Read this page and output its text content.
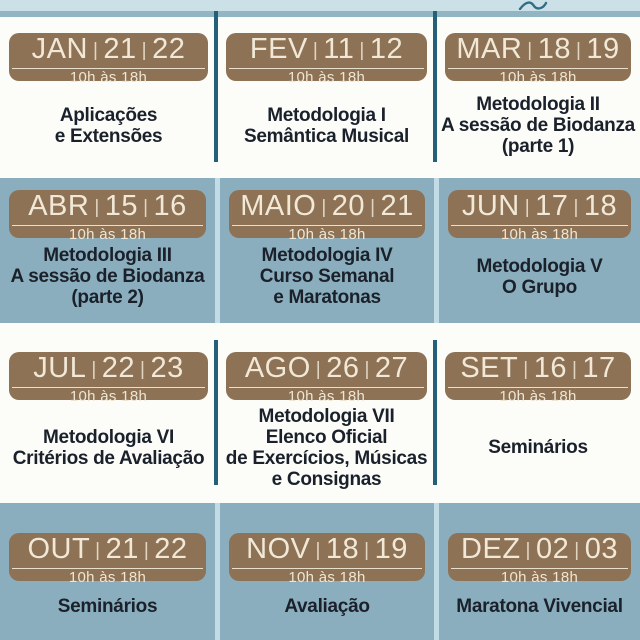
JAN | 21 | 22
10h às 18h
Aplicações
e Extensões
FEV | 11 | 12
10h às 18h
Metodologia I
Semântica Musical
MAR | 18 | 19
10h às 18h
Metodologia II
A sessão de Biodanza
(parte 1)
ABR | 15 | 16
10h às 18h
Metodologia III
A sessão de Biodanza
(parte 2)
MAIO | 20 | 21
10h às 18h
Metodologia IV
Curso Semanal
e Maratonas
JUN | 17 | 18
10h às 18h
Metodologia V
O Grupo
JUL | 22 | 23
10h às 18h
Metodologia VI
Critérios de Avaliação
AGO | 26 | 27
10h às 18h
Metodologia VII
Elenco Oficial
de Exercícios, Músicas
e Consignas
SET | 16 | 17
10h às 18h
Seminários
OUT | 21 | 22
10h às 18h
Seminários
NOV | 18 | 19
10h às 18h
Avaliação
DEZ | 02 | 03
10h às 18h
Maratona Vivencial
